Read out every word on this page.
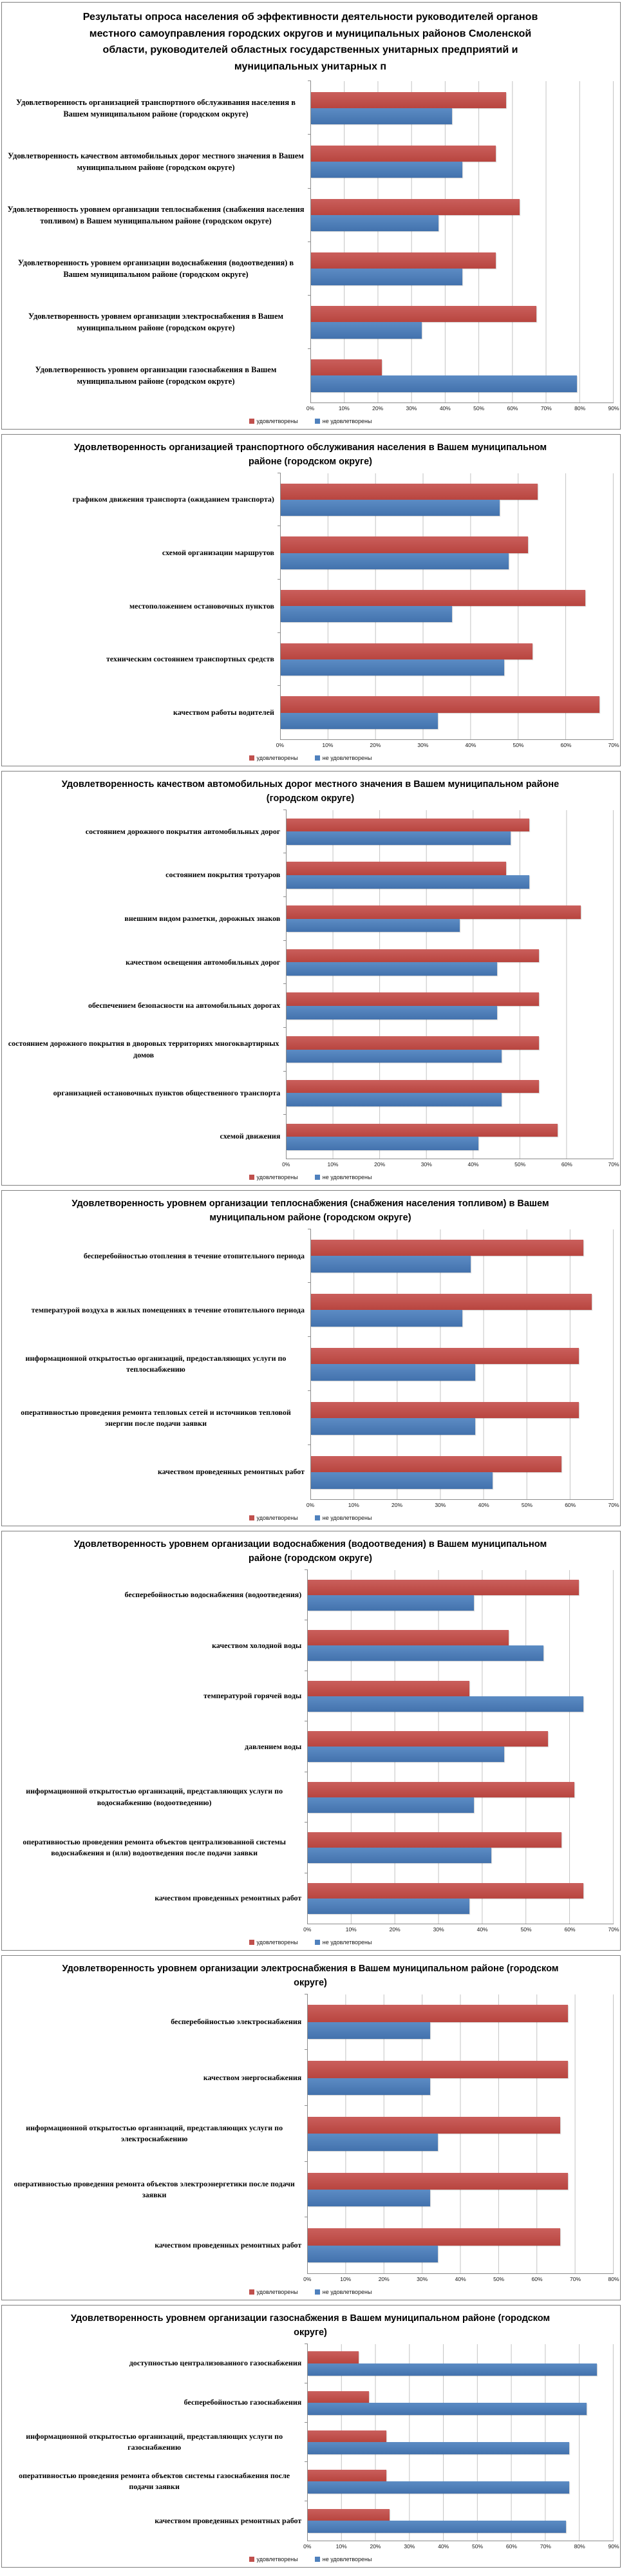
Результаты опроса населения об эффективности деятельности руководителей органов местного самоуправления городских округов и муниципальных районов Смоленской области, руководителей областных государственных унитарных предприятий и муниципальных унитарных п
Удовлетворенность организацией транспортного обслуживания населения в Вашем муниципальном районе (городском округе)
Удовлетворенность качеством автомобильных дорог местного значения в Вашем муниципальном районе (городском округе)
Удовлетворенность уровнем организации теплоснабжения (снабжения населения топливом) в Вашем муниципальном районе (городском округе)
Удовлетворенность уровнем организации водоснабжения (водоотведения) в Вашем муниципальном районе (городском округе)
Удовлетворенность уровнем организации электроснабжения в Вашем муниципальном районе (городском округе)
Удовлетворенность уровнем организации газоснабжения в Вашем муниципальном районе (городском округе)
0%	10%	20%	30%	40%	50%	60%	70%	80%	90%
удовлетворены	не удовлетворены
Удовлетворенность организацией транспортного обслуживания населения в Вашем муниципальном районе (городском округе)
графиком движения транспорта (ожиданием транспорта)
схемой организации маршрутов
местоположением остановочных пунктов
техническим состоянием транспортных средств
качеством работы водителей
0%	10%	20%	30%	40%	50%	60%	70%
удовлетворены	не удовлетворены
Удовлетворенность качеством автомобильных дорог местного значения в Вашем муниципальном районе (городском округе)
состоянием дорожного покрытия автомобильных дорог
состоянием покрытия тротуаров
внешним видом разметки, дорожных знаков
качеством освещения автомобильных дорог
обеспечением безопасности на автомобильных дорогах
состоянием дорожного покрытия в дворовых территориях многоквартирных домов
организацией остановочных пунктов общественного транспорта
схемой движения
0%	10%	20%	30%	40%	50%	60%	70%
удовлетворены	не удовлетворены
Удовлетворенность уровнем организации теплоснабжения (снабжения населения топливом) в Вашем муниципальном районе (городском округе)
бесперебойностью отопления в течение отопительного периода
температурой воздуха в жилых помещениях в течение отопительного периода
информационной открытостью организаций, предоставляющих услуги по теплоснабжению
оперативностью проведения ремонта тепловых сетей и источников тепловой энергии после подачи заявки
качеством проведенных ремонтных работ
0%	10%	20%	30%	40%	50%	60%	70%
удовлетворены	не удовлетворены
Удовлетворенность уровнем организации водоснабжения (водоотведения) в Вашем муниципальном районе (городском округе)
бесперебойностью водоснабжения (водоотведения)
качеством холодной воды
температурой горячей воды
давлением воды
информационной открытостью организаций, представляющих услуги по водоснабжению (водоотведению)
оперативностью проведения ремонта объектов централизованной системы водоснабжения и (или) водоотведения после подачи заявки
качеством проведенных ремонтных работ
0%	10%	20%	30%	40%	50%	60%	70%
удовлетворены	не удовлетворены
Удовлетворенность уровнем организации электроснабжения в Вашем муниципальном районе (городском округе)
бесперебойностью электроснабжения
качеством энергоснабжения
информационной открытостью организаций, представляющих услуги по электроснабжению
оперативностью проведения ремонта объектов электроэнергетики после подачи заявки
качеством проведенных ремонтных работ
0%	10%	20%	30%	40%	50%	60%	70%	80%
удовлетворены	не удовлетворены
Удовлетворенность уровнем организации газоснабжения в Вашем муниципальном районе (городском округе)
доступностью централизованного газоснабжения
бесперебойностью газоснабжения
информационной открытостью организаций, представляющих услуги по газоснабжению
оперативностью проведения ремонта объектов системы газоснабжения после подачи заявки
качеством проведенных ремонтных работ
0%	10%	20%	30%	40%	50%	60%	70%	80%	90%
удовлетворены	не удовлетворены
